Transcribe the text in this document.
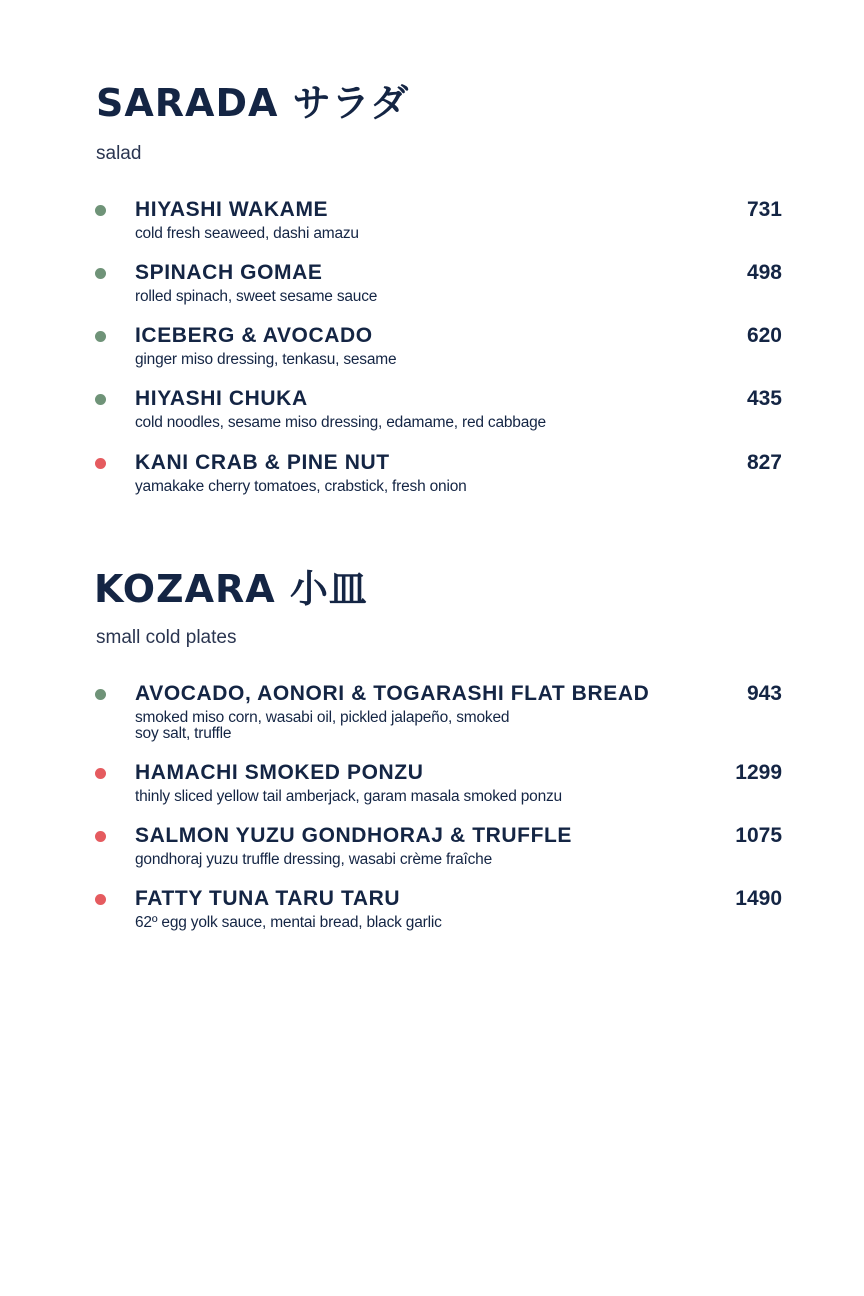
SARADA サラダ
salad
HIYASHI WAKAME
cold fresh seaweed, dashi amazu
731
SPINACH GOMAE
rolled spinach, sweet sesame sauce
498
ICEBERG & AVOCADO
ginger miso dressing, tenkasu, sesame
620
HIYASHI CHUKA
cold noodles, sesame miso dressing, edamame, red cabbage
435
KANI CRAB & PINE NUT
yamakake cherry tomatoes, crabstick, fresh onion
827
KOZARA 小皿
small cold plates
AVOCADO, AONORI & TOGARASHI FLAT BREAD
smoked miso corn, wasabi oil, pickled jalapeño, smoked soy salt, truffle
943
HAMACHI SMOKED PONZU
thinly sliced yellow tail amberjack, garam masala smoked ponzu
1299
SALMON YUZU GONDHORAJ & TRUFFLE
gondhoraj yuzu truffle dressing, wasabi crème fraîche
1075
FATTY TUNA TARU TARU
62º egg yolk sauce, mentai bread, black garlic
1490
